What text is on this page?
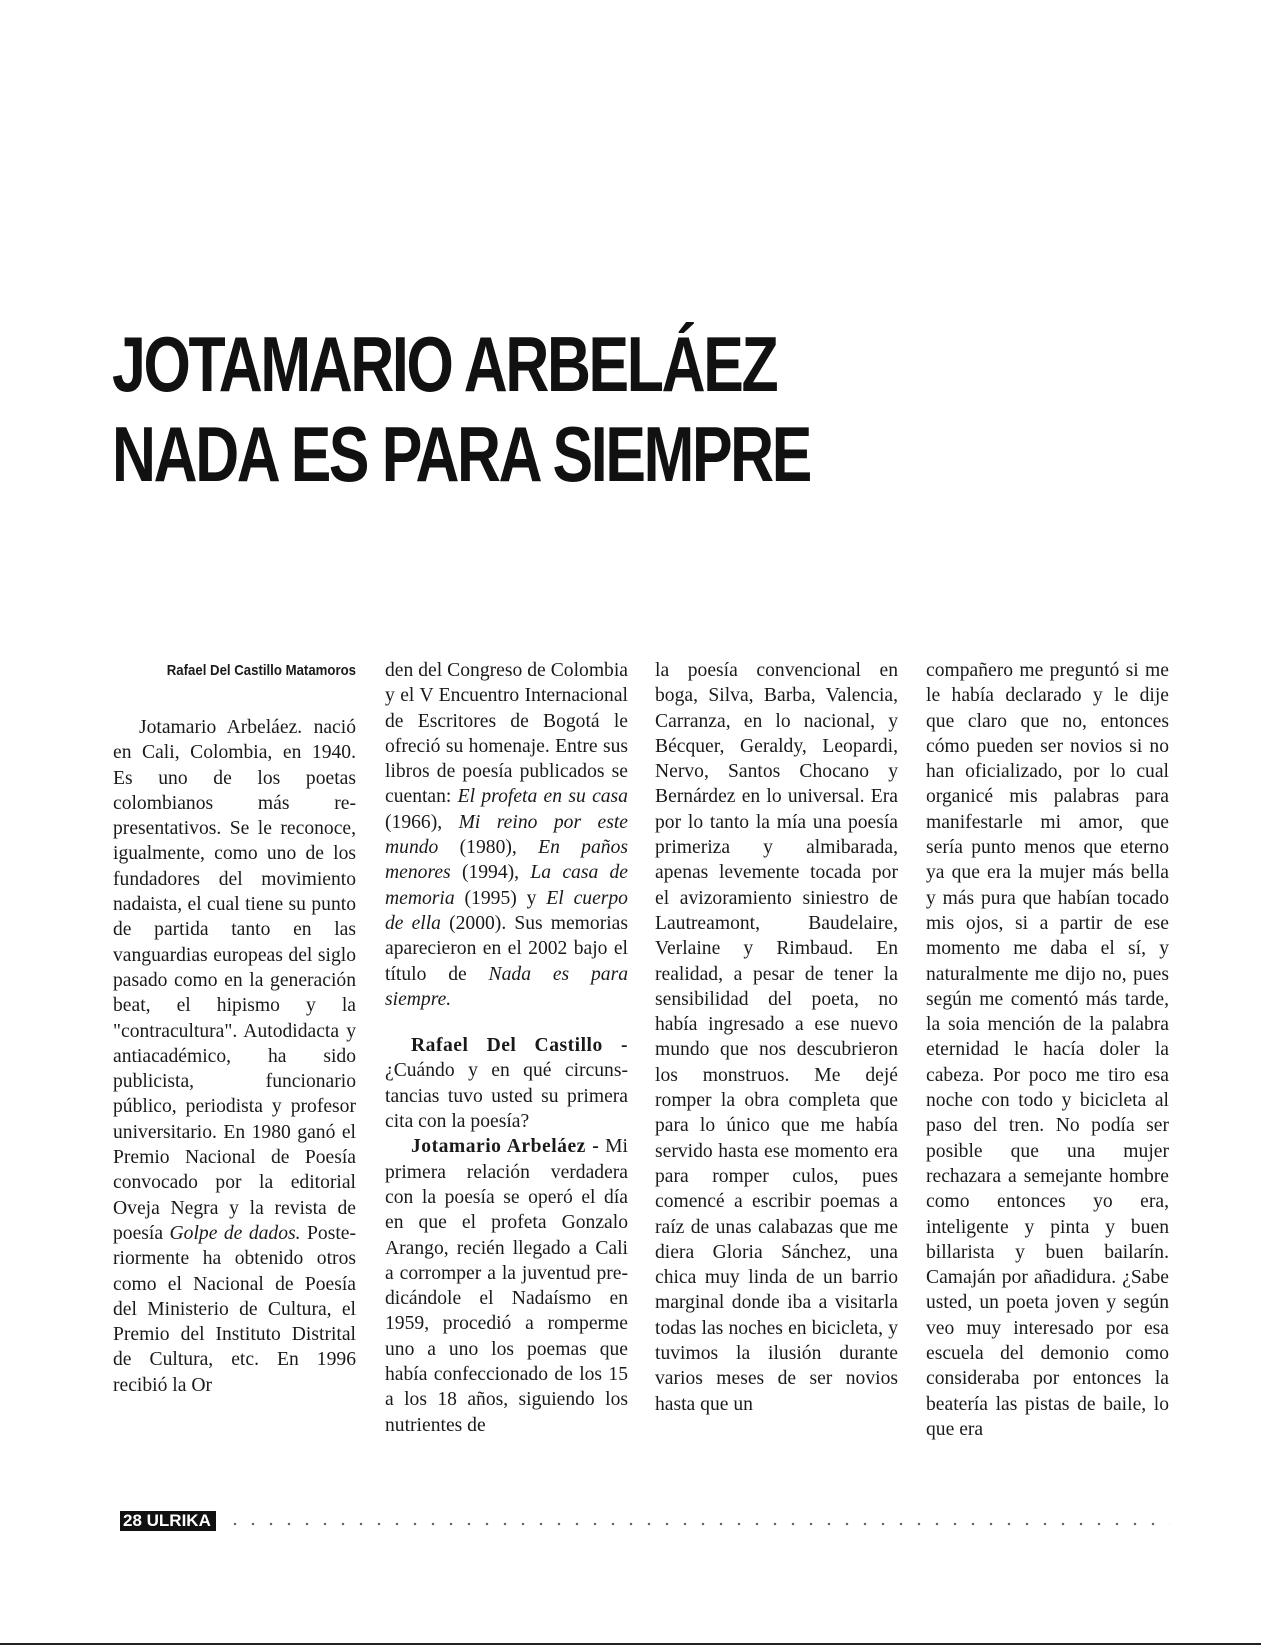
JOTAMARIO ARBELÁEZ
NADA ES PARA SIEMPRE

Rafael Del Castillo Matamoros

Jotamario Arbeláez. nació en Cali, Colombia, en 1940. Es uno de los poetas colombianos más representativos. Se le reconoce, igualmente, como uno de los fundadores del movimiento nadaista, el cual tiene su punto de partida tanto en las vanguardias europeas del siglo pasado como en la generación beat, el hipismo y la "contracultura". Autodidacta y antiacadémico, ha sido publicista, funcionario público, periodista y profesor universitario. En 1980 ganó el Premio Nacional de Poesía convocado por la editorial Oveja Negra y la revista de poesía Golpe de dados. Posteriormente ha obtenido otros como el Nacional de Poesía del Ministerio de Cultura, el Premio del Instituto Distrital de Cultura, etc. En 1996 recibió la Or

den del Congreso de Colombia y el V Encuentro Internacional de Escritores de Bogotá le ofreció su homenaje. Entre sus libros de poesía publicados se cuentan: El profeta en su casa (1966), Mi reino por este mundo (1980), En paños menores (1994), La casa de memoria (1995) y El cuerpo de ella (2000). Sus memorias aparecieron en el 2002 bajo el título de Nada es para siempre.

Rafael Del Castillo - ¿Cuándo y en qué circunstancias tuvo usted su primera cita con la poesía?

Jotamario Arbeláez - Mi primera relación verdadera con la poesía se operó el día en que el profeta Gonzalo Arango, recién llegado a Cali a corromper a la juventud predicándole el Nadaísmo en 1959, procedió a romperme uno a uno los poemas que había confeccionado de los 15 a los 18 años, siguiendo los nutrientes de

la poesía convencional en boga, Silva, Barba, Valencia, Carranza, en lo nacional, y Bécquer, Geraldy, Leopardi, Nervo, Santos Chocano y Bernárdez en lo universal. Era por lo tanto la mía una poesía primeriza y almibarada, apenas levemente tocada por el avizoramiento siniestro de Lautreamont, Baudelaire, Verlaine y Rimbaud. En realidad, a pesar de tener la sensibilidad del poeta, no había ingresado a ese nuevo mundo que nos descubrieron los monstruos. Me dejé romper la obra completa que para lo único que me había servido hasta ese momento era para romper culos, pues comencé a escribir poemas a raíz de unas calabazas que me diera Gloria Sánchez, una chica muy linda de un barrio marginal donde iba a visitarla todas las noches en bicicleta, y tuvimos la ilusión durante varios meses de ser novios hasta que un

compañero me preguntó si me le había declarado y le dije que claro que no, entonces cómo pueden ser novios si no han oficializado, por lo cual organicé mis palabras para manifestarle mi amor, que sería punto menos que eterno ya que era la mujer más bella y más pura que habían tocado mis ojos, si a partir de ese momento me daba el sí, y naturalmente me dijo no, pues según me comentó más tarde, la soia mención de la palabra eternidad le hacía doler la cabeza. Por poco me tiro esa noche con todo y bicicleta al paso del tren. No podía ser posible que una mujer rechazara a semejante hombre como entonces yo era, inteligente y pinta y buen billarista y buen bailarín. Camaján por añadidura. ¿Sabe usted, un poeta joven y según veo muy interesado por esa escuela del demonio como consideraba por entonces la beatería las pistas de baile, lo que era

28 ULRIKA
